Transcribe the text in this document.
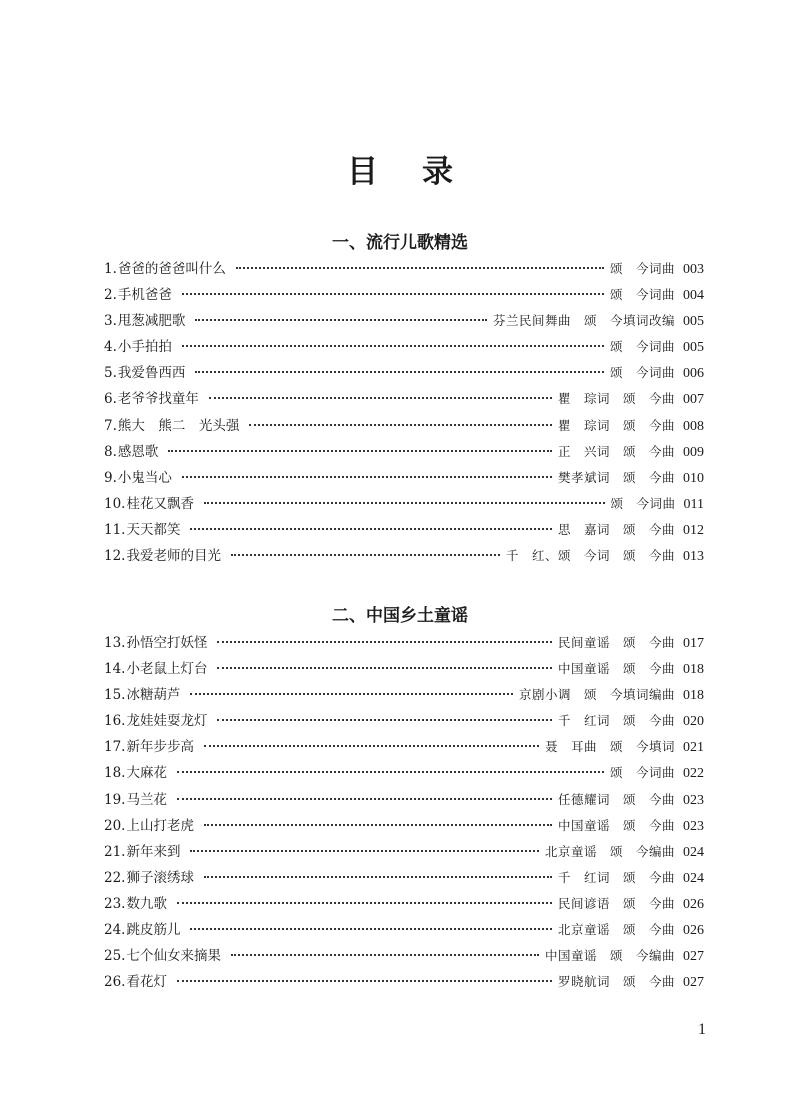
目录
一、流行儿歌精选
1. 爸爸的爸爸叫什么	颂　今词曲 003
2. 手机爸爸	颂　今词曲 004
3. 甩葱减肥歌	芬兰民间舞曲　颂　今填词改编 005
4. 小手拍拍	颂　今词曲 005
5. 我爱鲁西西	颂　今词曲 006
6. 老爷爷找童年	瞿　琮词　颂　今曲 007
7. 熊大　熊二　光头强	瞿　琮词　颂　今曲 008
8. 感恩歌	正　兴词　颂　今曲 009
9. 小鬼当心	樊孝斌词　颂　今曲 010
10. 桂花又飘香	颂　今词曲 011
11. 天天都笑	思　嘉词　颂　今曲 012
12. 我爱老师的目光	千　红、颂　今词　颂　今曲 013
二、中国乡土童谣
13. 孙悟空打妖怪	民间童谣　颂　今曲 017
14. 小老鼠上灯台	中国童谣　颂　今曲 018
15. 冰糖葫芦	京剧小调　颂　今填词编曲 018
16. 龙娃娃耍龙灯	千　红词　颂　今曲 020
17. 新年步步高	聂　耳曲　颂　今填词 021
18. 大麻花	颂　今词曲 022
19. 马兰花	任德耀词　颂　今曲 023
20. 上山打老虎	中国童谣　颂　今曲 023
21. 新年来到	北京童谣　颂　今编曲 024
22. 狮子滚绣球	千　红词　颂　今曲 024
23. 数九歌	民间谚语　颂　今曲 026
24. 跳皮筋儿	北京童谣　颂　今曲 026
25. 七个仙女来摘果	中国童谣　颂　今编曲 027
26. 看花灯	罗晓航词　颂　今曲 027
1
